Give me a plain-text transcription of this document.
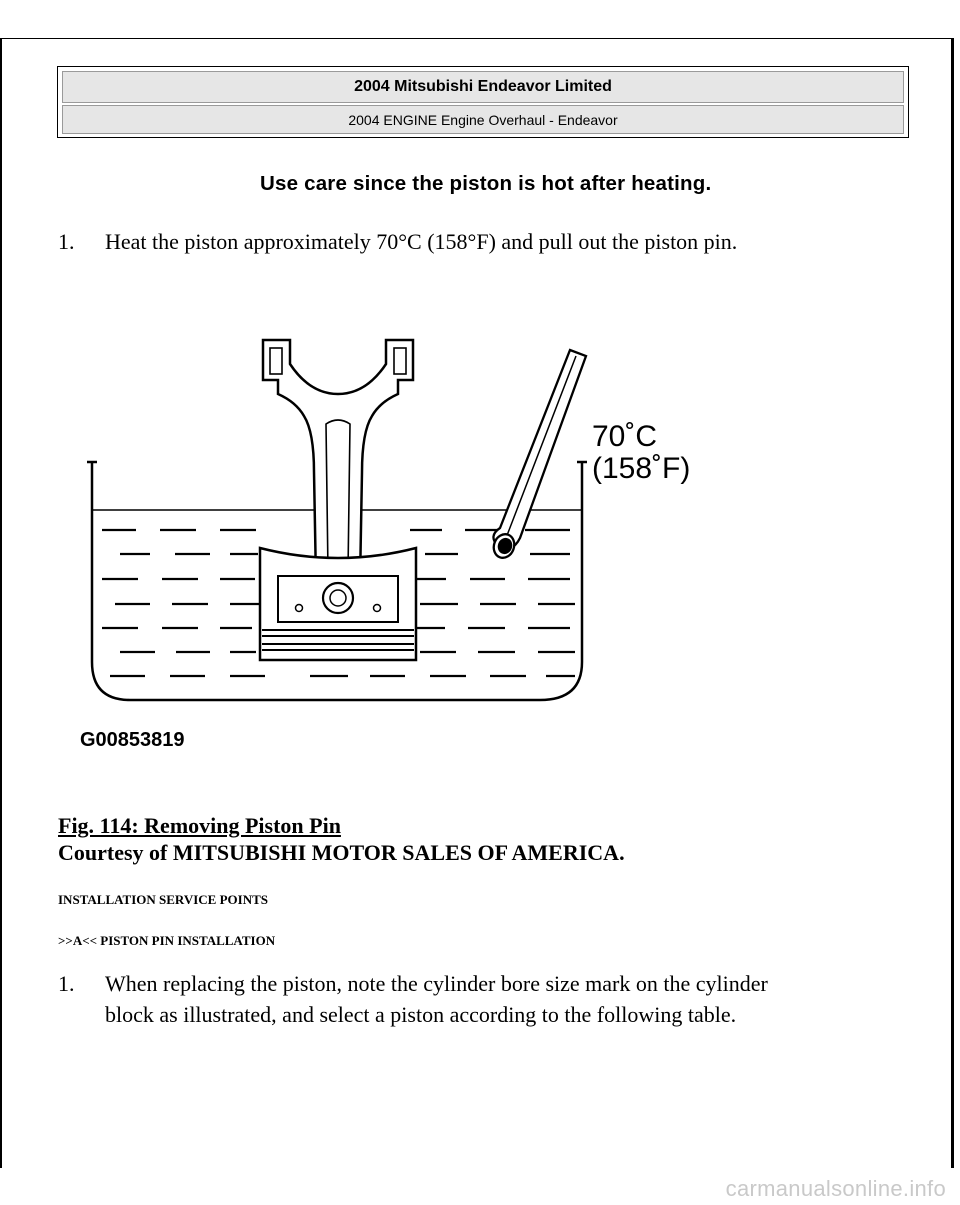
2004 Mitsubishi Endeavor Limited
2004 ENGINE Engine Overhaul - Endeavor
Use care since the piston is hot after heating.
1. Heat the piston approximately 70°C (158°F) and pull out the piston pin.
70˚C
(158˚F)
G00853819
Fig. 114: Removing Piston Pin
Courtesy of MITSUBISHI MOTOR SALES OF AMERICA.
INSTALLATION SERVICE POINTS
>>A<< PISTON PIN INSTALLATION
1. When replacing the piston, note the cylinder bore size mark on the cylinder
block as illustrated, and select a piston according to the following table.
carmanualsonline.info
